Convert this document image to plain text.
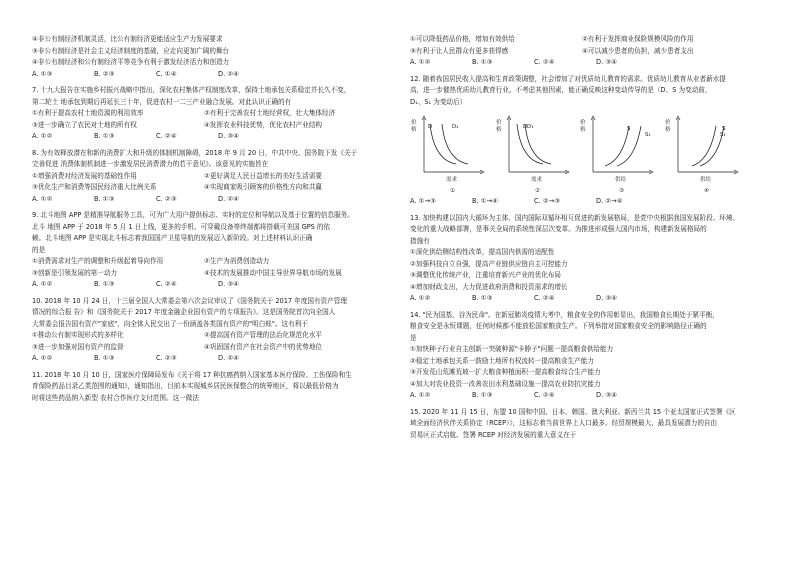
④非公有制经济机制灵活，比公有制经济更能适应生产力发展要求
③非公有制经济是社会主义经济制度的基础，应走向更加广阔的舞台
④非公有制经济和公有制经济平等竞争有利于激发经济活力和创造力
A. ①③	B. ②③	C. ①④	D. ②④
7. 十九大报告在实施乡村振兴战略中指出，深化农村集体产权制度改革，保持土地承包关系稳定并长久不变，
第二轮土 地承包到期后再延长三十年，促进农村一二三产业融合发展。对此认识正确的有
①有利于提高农村土地资源的利用效率	②有利于完善农村土地经营权，壮大集体经济
③进一步确立了农民对土地的所有权	④发挥农业科技优势，优化农村产业结构
A. ①②	B. ①③	C. ②④	D. ③④
8. 为有效释放潜在和新的消费扩大和升级的体制机制障碍，2018 年 9 月 20 日，中共中央、国务院下发《关于
完善促进 消费体制机制进一步激发居民消费潜力的若干意见》。该意见的实施旨在
①增强消费对经济发展的基础性作用	②更好满足人民日益增长的美好生活需要
③优化生产和消费等国民经济重大比例关系	④实现商家吸引顾客的价格性方向和共赢
A. ①②	B. ①③	C. ②③	D. ②④
9. 北斗地图 APP 是精准导航服务工具，可为广大用户提供标志、实时的定位和导航以及基于位置的信息服务。
北斗 地图 APP 于 2018 年 5 月 1 日上线，更多的手机、可穿戴设备等终端都将搭载可美国 GPS 的依
赖。北斗地图 APP 是实现北斗标志着我国国产卫星导航的发展迈入新阶段。对上述材料认识正确
的是
①消费需求对生产的调整和升级起着导向作用	②生产为消费创造动力
③创新是引领发展的第一动力	④技术的发展推动中国主导世界导航市场的发展
A. ①②	B. ①③	C. ②④	D. ③④
10. 2018 年 10 月 24 日，十三届全国人大常委会第六次会议审议了《国务院关于 2017 年度国有资产管理
情况的综合报 告》和《国务院关于 2017 年度金融企业国有资产的专项报告》。这是国务院首次向全国人
大常委会报告国有资产"家底"，向全体人民交出了一份涵盖各类国有资产的"明白账"。这有利于
①推动公有制实现形式的多样化	②提高国有资产管理的法治化规范化水平
③进一步加强对国有资产的监督	④巩固国有资产在社会资产中的优势地位
A. ①②	B. ①③	C. ②③	D. ②④
11. 2018 年 10 月 10 日，国家医疗保障局发布《关于将 17 种抗癌药纳入国家基本医疗保险、工伤保险和生
育保险药品目录乙类范围的通知》，通知指出，目前本实现城乡居民医保整合的统筹地区，将以最低价格为
时将这些药品纳入新型 农村合作医疗支付范围。这一做法
①可以降低药品价格，增加有效供给	②有利于发挥商业保险规模风险的作用
③有利于让人民群众有更多获得感	④可以减少患者的负担，减少患者支出
A. ①②	B. ①③	C. ②④	D. ③④
12. 随着我国居民收入提高和生育政策调整，社会增加了对优质幼儿教育的需求。优质幼儿教育从业者薪水提
高，进一步催热优质幼儿教育行业。不考虑其他因素，能正确反映这种变动传导的是（D、S 为变动前，
D₁、S₁ 为变动后）
价
格
需求
①
D	D₁
价
格
需求
②
D D₁
价
格
供给
③
S
S₁
价
格
供给
④
S
S₁
A. ①→③	B. ①→④	C. ②→③	D. ②→④
13. 加快构建以国内大循环为主体、国内国际双循环相互促进的新发展格局，是党中央根据我国发展阶段、环境、
变化的重大战略部署，是事关全局的系统性深层次变革。为推进形成强大国内市场，构建新发展格局的
措施有
①深化供给侧结构性改革，提高国内供需的适配性
②加强科技自立自强，提高产业链供应链自主可控能力
③调整优化传统产业，注重培育新兴产业的优化布局
④增加财政支出，大力促进政府消费和投资需求的增长
A. ①②	B. ①③	C. ②④	D. ③④
14. "民为国基，谷为民命"。在新冠肺炎疫情大考中，粮食安全的作用彰显出，我国粮食长期处于紧平衡，
粮食安全是永恒课题，任何时候都不能放松国家粮食生产。下列举措对国家粮食安全的影响路径正确的
是
①加快种子行业自主创新一突破种源"卡脖子"问题一提高粮食供给能力
②稳定土地承包关系一鼓励土地所有权流转一提高粮食生产能力
③开发荒山荒滩荒坡一扩大粮食种植面积一提高粮食综合生产能力
④加大对农业投资一改善农田水利基础设施一提高农业防抗灾能力
A. ①②	B. ①③	C. ②④	D. ③④
15. 2020 年 11 月 15 日，东盟 10 国和中国、日本、韩国、澳大利亚、新西兰共 15 个亚太国家正式签署《区
域全面经济伙伴关系协定（RCEP）》，这标志着当前世界上人口最多、经贸规模最大、最具发展潜力的自由
贸易区正式启航。签署 RCEP 对经济发展的重大意义在于
